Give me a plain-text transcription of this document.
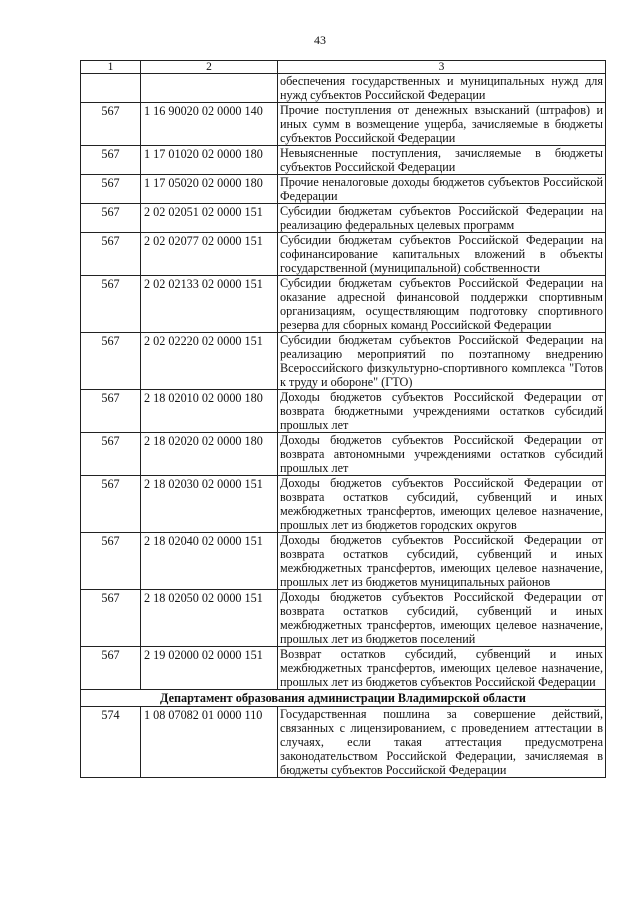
43
1	2	3
		обеспечения государственных и муниципальных нужд для нужд субъектов Российской Федерации
567	1 16 90020 02 0000 140	Прочие поступления от денежных взысканий (штрафов) и иных сумм в возмещение ущерба, зачисляемые в бюджеты субъектов Российской Федерации
567	1 17 01020 02 0000 180	Невыясненные поступления, зачисляемые в бюджеты субъектов Российской Федерации
567	1 17 05020 02 0000 180	Прочие неналоговые доходы бюджетов субъектов Российской Федерации
567	2 02 02051 02 0000 151	Субсидии бюджетам субъектов Российской Федерации на реализацию федеральных целевых программ
567	2 02 02077 02 0000 151	Субсидии бюджетам субъектов Российской Федерации на софинансирование капитальных вложений в объекты государственной (муниципальной) собственности
567	2 02 02133 02 0000 151	Субсидии бюджетам субъектов Российской Федерации на оказание адресной финансовой поддержки спортивным организациям, осуществляющим подготовку спортивного резерва для сборных команд Российской Федерации
567	2 02 02220 02 0000 151	Субсидии бюджетам субъектов Российской Федерации на реализацию мероприятий по поэтапному внедрению Всероссийского физкультурно-спортивного комплекса "Готов к труду и обороне" (ГТО)
567	2 18 02010 02 0000 180	Доходы бюджетов субъектов Российской Федерации от возврата бюджетными учреждениями остатков субсидий прошлых лет
567	2 18 02020 02 0000 180	Доходы бюджетов субъектов Российской Федерации от возврата автономными учреждениями остатков субсидий прошлых лет
567	2 18 02030 02 0000 151	Доходы бюджетов субъектов Российской Федерации от возврата остатков субсидий, субвенций и иных межбюджетных трансфертов, имеющих целевое назначение, прошлых лет из бюджетов городских округов
567	2 18 02040 02 0000 151	Доходы бюджетов субъектов Российской Федерации от возврата остатков субсидий, субвенций и иных межбюджетных трансфертов, имеющих целевое назначение, прошлых лет из бюджетов муниципальных районов
567	2 18 02050 02 0000 151	Доходы бюджетов субъектов Российской Федерации от возврата остатков субсидий, субвенций и иных межбюджетных трансфертов, имеющих целевое назначение, прошлых лет из бюджетов поселений
567	2 19 02000 02 0000 151	Возврат остатков субсидий, субвенций и иных межбюджетных трансфертов, имеющих целевое назначение, прошлых лет из бюджетов субъектов Российской Федерации
Департамент образования администрации Владимирской области		
574	1 08 07082 01 0000 110	Государственная пошлина за совершение действий, связанных с лицензированием, с проведением аттестации в случаях, если такая аттестация предусмотрена законодательством Российской Федерации, зачисляемая в бюджеты субъектов Российской Федерации
